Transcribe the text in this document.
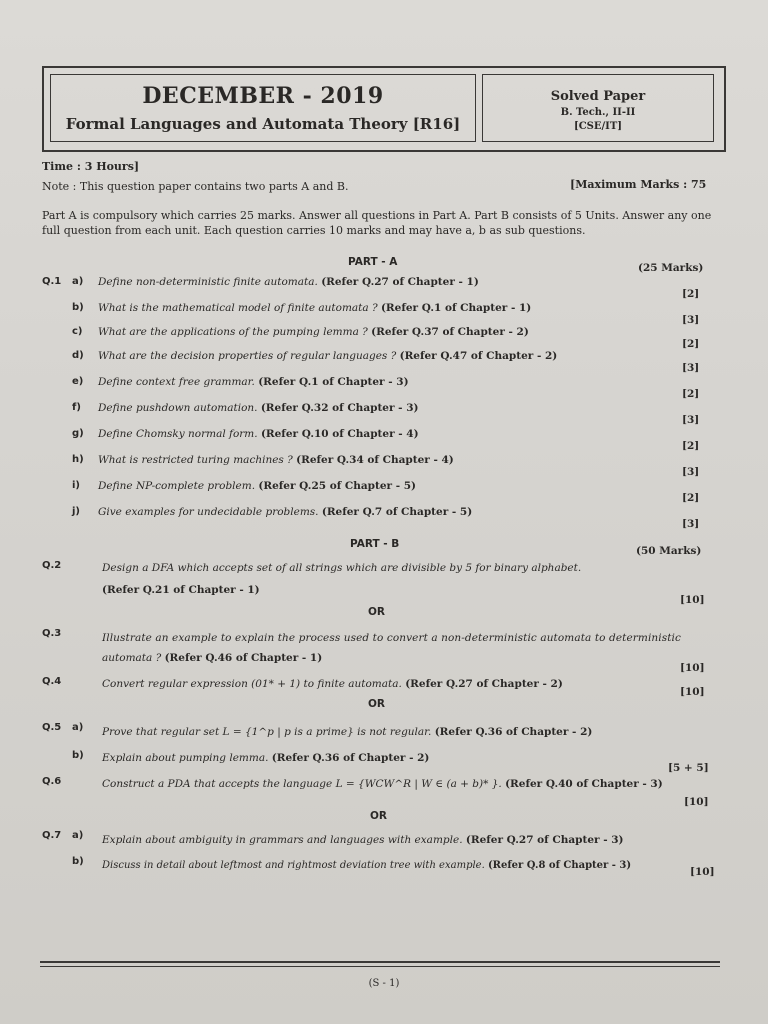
DECEMBER - 2019
Formal Languages and Automata Theory [R16]
Solved Paper
B. Tech., II-II
[CSE/IT]
Time : 3 Hours]
[Maximum Marks : 75
Note : This question paper contains two parts A and B.
Part A is compulsory which carries 25 marks. Answer all questions in Part A. Part B consists of 5 Units. Answer any one full question from each unit. Each question carries 10 marks and may have a, b as sub questions.
PART - A	(25 Marks)
Q.1 a) Define non-deterministic finite automata. (Refer Q.27 of Chapter - 1)
[2]
b) What is the mathematical model of finite automata ? (Refer Q.1 of Chapter - 1)
[3]
c) What are the applications of the pumping lemma ? (Refer Q.37 of Chapter - 2)
[2]
d) What are the decision properties of regular languages ? (Refer Q.47 of Chapter - 2)
[3]
e) Define context free grammar. (Refer Q.1 of Chapter - 3)
[2]
f) Define pushdown automation. (Refer Q.32 of Chapter - 3)
[3]
g) Define Chomsky normal form. (Refer Q.10 of Chapter - 4)
[2]
h) What is restricted turing machines ? (Refer Q.34 of Chapter - 4)
[3]
i) Define NP-complete problem. (Refer Q.25 of Chapter - 5)
[2]
j) Give examples for undecidable problems. (Refer Q.7 of Chapter - 5)
[3]
PART - B
(50 Marks)
Q.2	Design a DFA which accepts set of all strings which are divisible by 5 for binary alphabet.
(Refer Q.21 of Chapter - 1)
[10]
OR
Q.3	Illustrate an example to explain the process used to convert a non-deterministic automata to deterministic
automata ? (Refer Q.46 of Chapter - 1)
[10]
Q.4	Convert regular expression (01* + 1) to finite automata. (Refer Q.27 of Chapter - 2)
[10]
OR
Q.5 a) Prove that regular set L = {1^p | p is a prime} is not regular. (Refer Q.36 of Chapter - 2)
b) Explain about pumping lemma. (Refer Q.36 of Chapter - 2)
[5 + 5]
Q.6	Construct a PDA that accepts the language L = {WCW^R | W ∈ (a + b)* }. (Refer Q.40 of Chapter - 3)
[10]
OR
Q.7 a) Explain about ambiguity in grammars and languages with example. (Refer Q.27 of Chapter - 3)
b) Discuss in detail about leftmost and rightmost deviation tree with example. (Refer Q.8 of Chapter - 3)
[10]
(S - 1)
